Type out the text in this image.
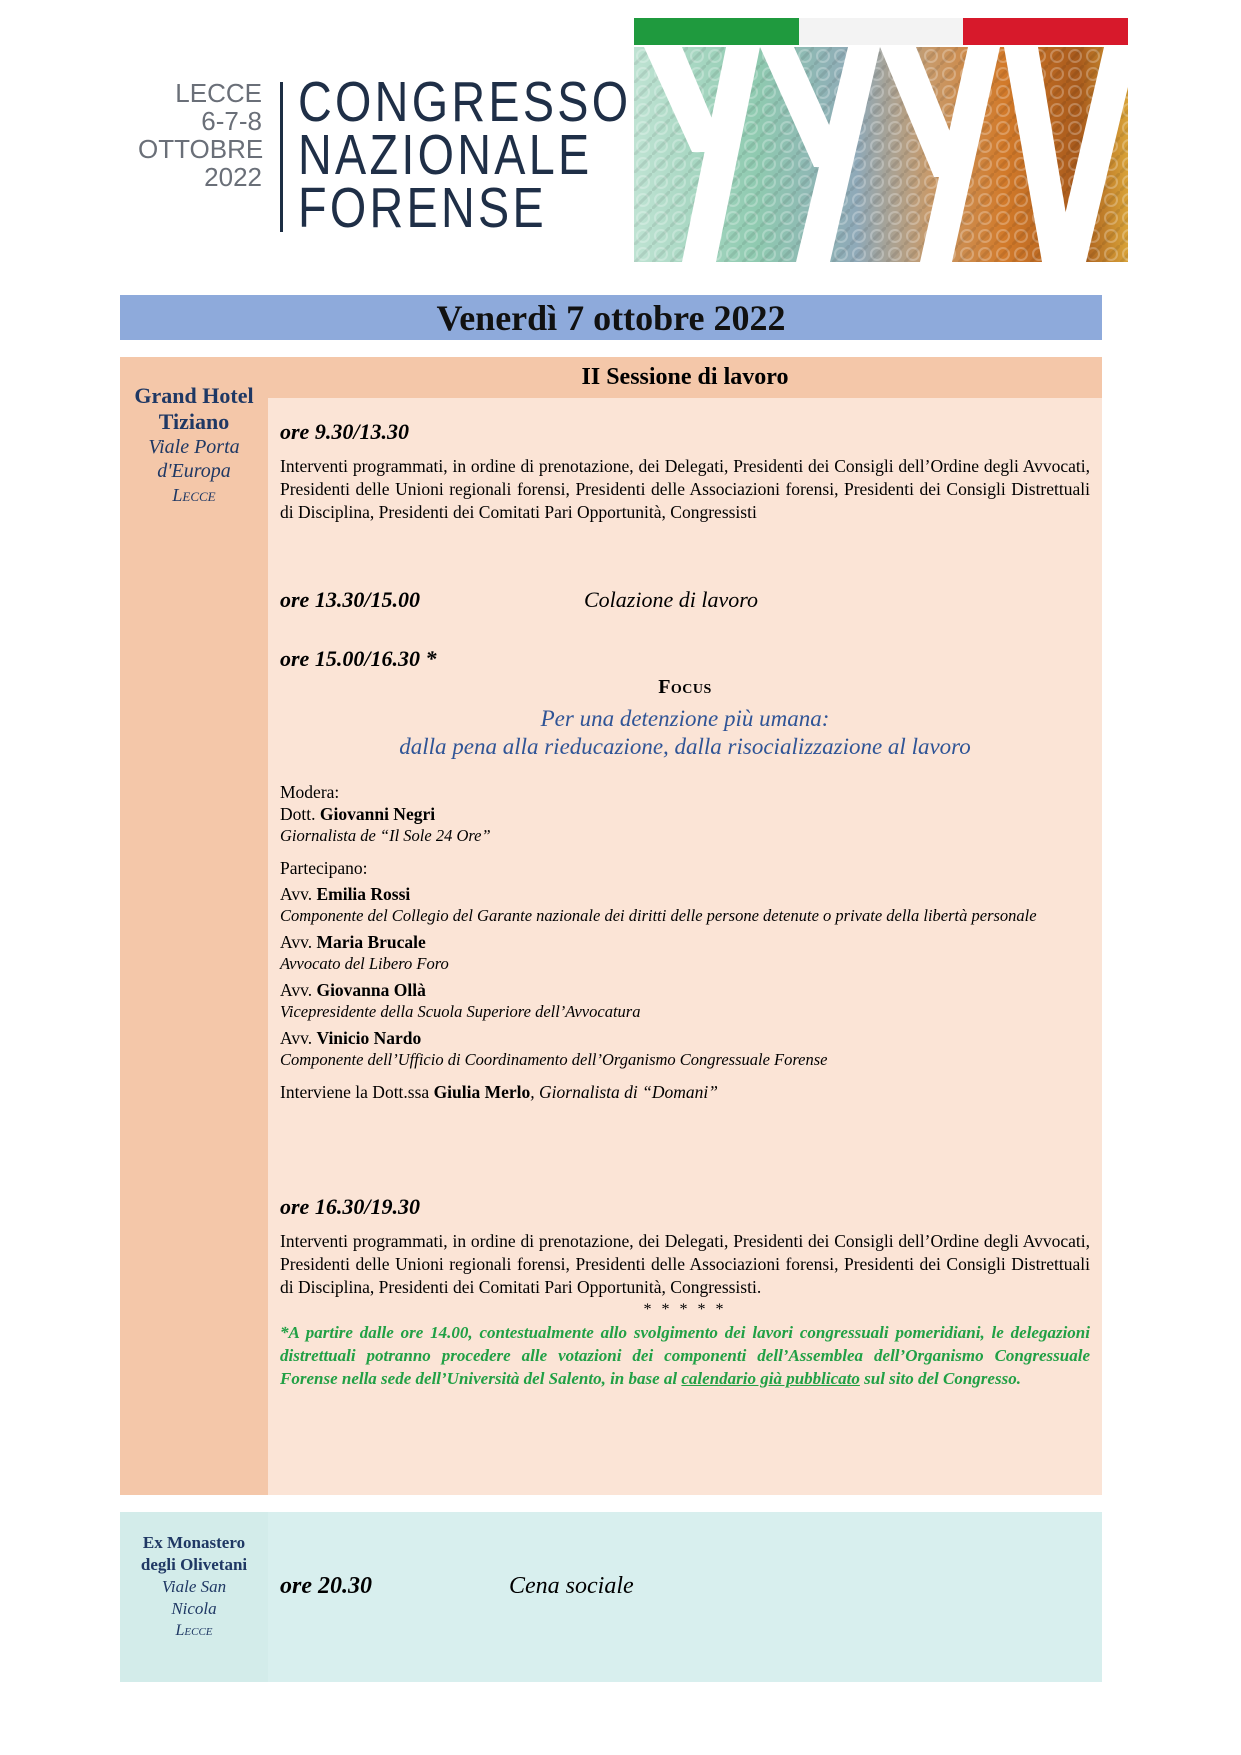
LECCE
6-7-8
OTTOBRE
2022
CONGRESSO
NAZIONALE
FORENSE
Venerdì 7 ottobre 2022
Grand Hotel
Tiziano
Viale Porta
d'Europa
Lecce
II Sessione di lavoro
ore 9.30/13.30
Interventi programmati, in ordine di prenotazione, dei Delegati, Presidenti dei Consigli dell’Ordine degli Avvocati, Presidenti delle Unioni regionali forensi, Presidenti delle Associazioni forensi, Presidenti dei Consigli Distrettuali di Disciplina, Presidenti dei Comitati Pari Opportunità, Congressisti
ore 13.30/15.00	Colazione di lavoro
ore 15.00/16.30 *
Focus
Per una detenzione più umana:
dalla pena alla rieducazione, dalla risocializzazione al lavoro
Modera:
Dott. Giovanni Negri
Giornalista de “Il Sole 24 Ore”
Partecipano:
Avv. Emilia Rossi
Componente del Collegio del Garante nazionale dei diritti delle persone detenute o private della libertà personale
Avv. Maria Brucale
Avvocato del Libero Foro
Avv. Giovanna Ollà
Vicepresidente della Scuola Superiore dell’Avvocatura
Avv. Vinicio Nardo
Componente dell’Ufficio di Coordinamento dell’Organismo Congressuale Forense
Interviene la Dott.ssa Giulia Merlo, Giornalista di “Domani”
ore 16.30/19.30
Interventi programmati, in ordine di prenotazione, dei Delegati, Presidenti dei Consigli dell’Ordine degli Avvocati, Presidenti delle Unioni regionali forensi, Presidenti delle Associazioni forensi, Presidenti dei Consigli Distrettuali di Disciplina, Presidenti dei Comitati Pari Opportunità, Congressisti.
* * * * *
*A partire dalle ore 14.00, contestualmente allo svolgimento dei lavori congressuali pomeridiani, le delegazioni distrettuali potranno procedere alle votazioni dei componenti dell’Assemblea dell’Organismo Congressuale Forense nella sede dell’Università del Salento, in base al calendario già pubblicato sul sito del Congresso.
Ex Monastero
degli Olivetani
Viale San
Nicola
Lecce
ore 20.30	Cena sociale
